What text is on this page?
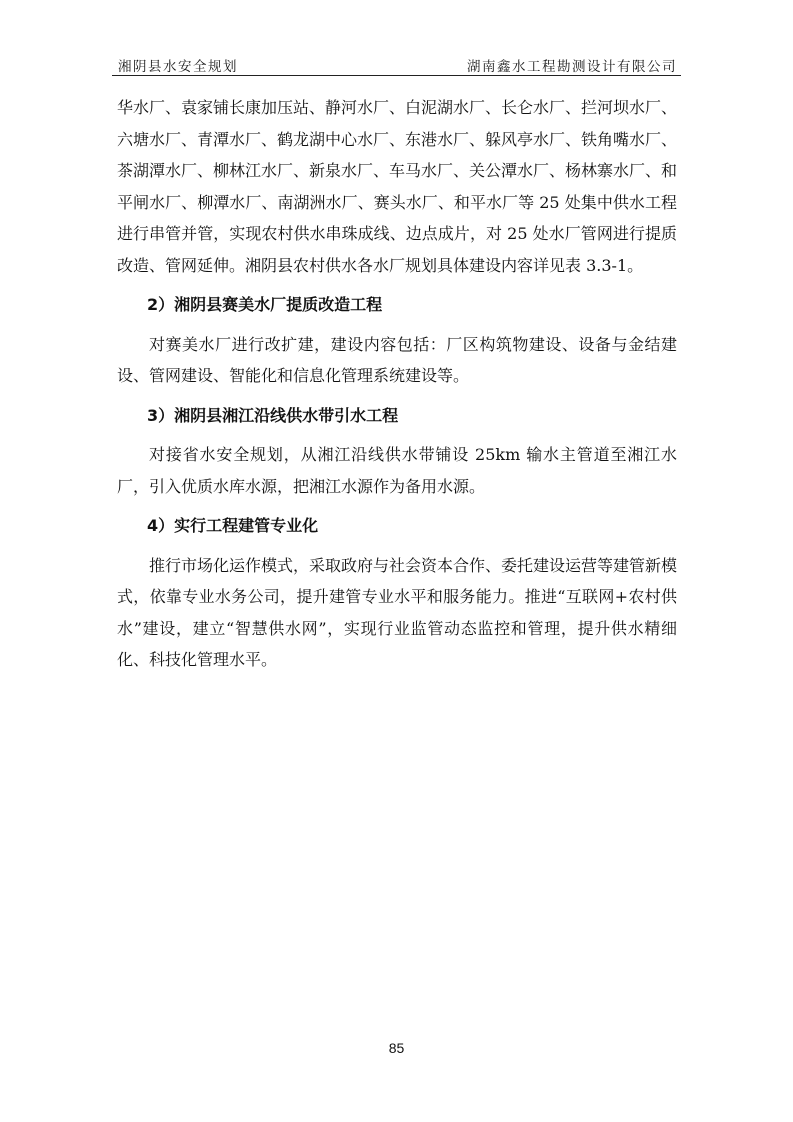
湘阴县水安全规划	湖南鑫水工程勘测设计有限公司

华水厂、袁家铺长康加压站、静河水厂、白泥湖水厂、长仑水厂、拦河坝水厂、六塘水厂、青潭水厂、鹤龙湖中心水厂、东港水厂、躲风亭水厂、铁角嘴水厂、茶湖潭水厂、柳林江水厂、新泉水厂、车马水厂、关公潭水厂、杨林寨水厂、和平闸水厂、柳潭水厂、南湖洲水厂、赛头水厂、和平水厂等 25 处集中供水工程进行串管并管，实现农村供水串珠成线、边点成片，对 25 处水厂管网进行提质改造、管网延伸。湘阴县农村供水各水厂规划具体建设内容详见表 3.3-1。

2）湘阴县赛美水厂提质改造工程

对赛美水厂进行改扩建，建设内容包括：厂区构筑物建设、设备与金结建设、管网建设、智能化和信息化管理系统建设等。

3）湘阴县湘江沿线供水带引水工程

对接省水安全规划，从湘江沿线供水带铺设 25km 输水主管道至湘江水厂，引入优质水库水源，把湘江水源作为备用水源。

4）实行工程建管专业化

推行市场化运作模式，采取政府与社会资本合作、委托建设运营等建管新模式，依靠专业水务公司，提升建管专业水平和服务能力。推进“互联网+农村供水”建设，建立“智慧供水网”，实现行业监管动态监控和管理，提升供水精细化、科技化管理水平。

85
